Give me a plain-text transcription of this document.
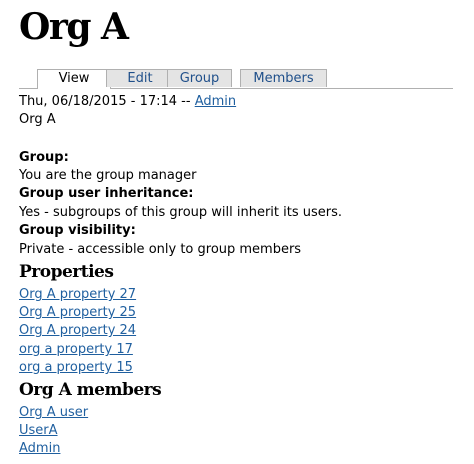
Org A
View	Edit	Group	Members
Thu, 06/18/2015 - 17:14 -- Admin
Org A
Group:
You are the group manager
Group user inheritance:
Yes - subgroups of this group will inherit its users.
Group visibility:
Private - accessible only to group members
Properties
Org A property 27
Org A property 25
Org A property 24
org a property 17
org a property 15
Org A members
Org A user
UserA
Admin
